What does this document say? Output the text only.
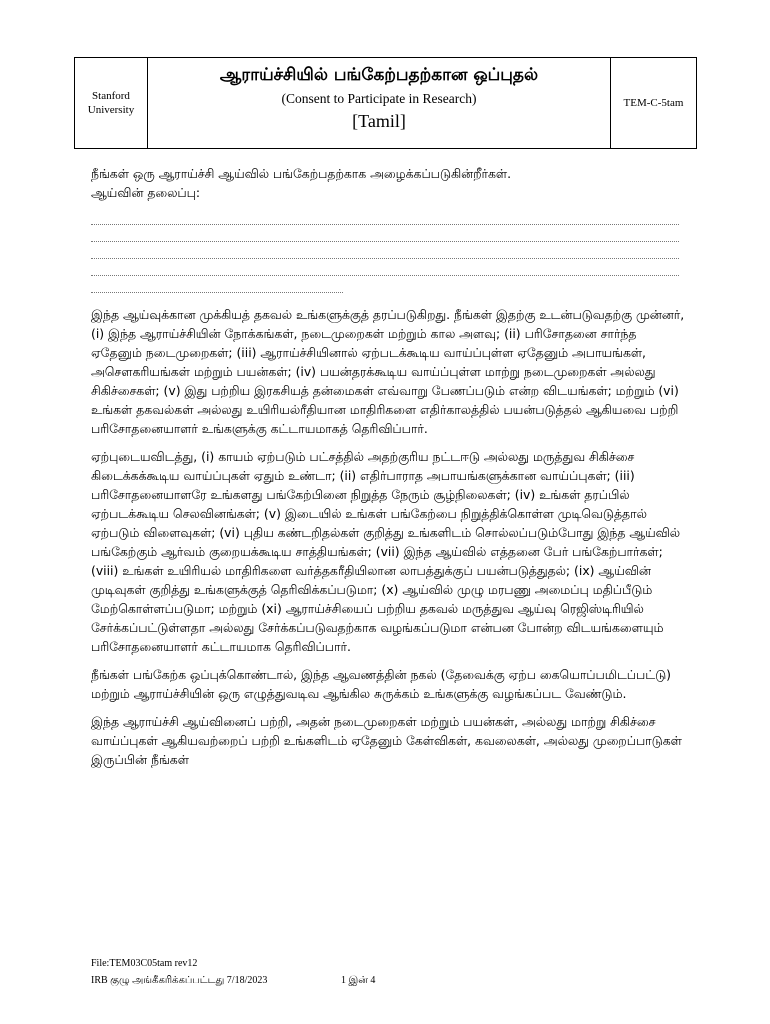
Stanford
University
ஆராய்ச்சியில் பங்கேற்பதற்கான ஒப்புதல்
(Consent to Participate in Research)
[Tamil]
TEM-C-5tam
நீங்கள் ஒரு ஆராய்ச்சி ஆய்வில் பங்கேற்பதற்காக அழைக்கப்படுகின்றீர்கள்.
ஆய்வின் தலைப்பு:

இந்த ஆய்வுக்கான முக்கியத் தகவல் உங்களுக்குத் தரப்படுகிறது. நீங்கள் இதற்கு உடன்படுவதற்கு முன்னர், (i) இந்த ஆராய்ச்சியின் நோக்கங்கள், நடைமுறைகள் மற்றும் கால அளவு; (ii) பரிசோதனை சார்ந்த ஏதேனும் நடைமுறைகள்; (iii) ஆராய்ச்சியினால் ஏற்படக்கூடிய வாய்ப்புள்ள ஏதேனும் அபாயங்கள், அசௌகரியங்கள் மற்றும் பயன்கள்; (iv) பயன்தரக்கூடிய வாய்ப்புள்ள மாற்று நடைமுறைகள் அல்லது சிகிச்சைகள்; (v) இது பற்றிய இரகசியத் தன்மைகள் எவ்வாறு பேணப்படும் என்ற விடயங்கள்; மற்றும் (vi) உங்கள் தகவல்கள் அல்லது உயிரியல்ரீதியான மாதிரிகளை எதிர்காலத்தில் பயன்படுத்தல் ஆகியவை பற்றி பரிசோதனையாளர் உங்களுக்கு கட்டாயமாகத் தெரிவிப்பார்.

ஏற்புடையவிடத்து, (i) காயம் ஏற்படும் பட்சத்தில் அதற்குரிய நட்டஈடு அல்லது மருத்துவ சிகிச்சை கிடைக்கக்கூடிய வாய்ப்புகள் ஏதும் உண்டா; (ii) எதிர்பாராத அபாயங்களுக்கான வாய்ப்புகள்; (iii) பரிசோதனையாளரே உங்களது பங்கேற்பினை நிறுத்த நேரும் சூழ்நிலைகள்; (iv) உங்கள் தரப்பில் ஏற்படக்கூடிய செலவினங்கள்; (v) இடையில் உங்கள் பங்கேற்பை நிறுத்திக்கொள்ள முடிவெடுத்தால் ஏற்படும் விளைவுகள்; (vi) புதிய கண்டறிதல்கள் குறித்து உங்களிடம் சொல்லப்படும்போது இந்த ஆய்வில் பங்கேற்கும் ஆர்வம் குறையக்கூடிய சாத்தியங்கள்; (vii) இந்த ஆய்வில் எத்தனை பேர் பங்கேற்பார்கள்; (viii) உங்கள் உயிரியல் மாதிரிகளை வர்த்தகரீதியிலான லாபத்துக்குப் பயன்படுத்துதல்; (ix) ஆய்வின் முடிவுகள் குறித்து உங்களுக்குத் தெரிவிக்கப்படுமா; (x) ஆய்வில் முழு மரபணு அமைப்பு மதிப்பீடும் மேற்கொள்ளப்படுமா; மற்றும் (xi) ஆராய்ச்சியைப் பற்றிய தகவல் மருத்துவ ஆய்வு ரெஜிஸ்டிரியில் சேர்க்கப்பட்டுள்ளதா அல்லது சேர்க்கப்படுவதற்காக வழங்கப்படுமா என்பன போன்ற விடயங்களையும் பரிசோதனையாளர் கட்டாயமாக தெரிவிப்பார்.

நீங்கள் பங்கேற்க ஒப்புக்கொண்டால், இந்த ஆவணத்தின் நகல் (தேவைக்கு ஏற்ப கையொப்பமிடப்பட்டு) மற்றும் ஆராய்ச்சியின் ஒரு எழுத்துவடிவ ஆங்கில சுருக்கம் உங்களுக்கு வழங்கப்பட வேண்டும்.

இந்த ஆராய்ச்சி ஆய்வினைப் பற்றி, அதன் நடைமுறைகள் மற்றும் பயன்கள், அல்லது மாற்று சிகிச்சை வாய்ப்புகள் ஆகியவற்றைப் பற்றி உங்களிடம் ஏதேனும் கேள்விகள், கவலைகள், அல்லது முறைப்பாடுகள் இருப்பின் நீங்கள்

File:TEM03C05tam rev12
IRB குழு அங்கீகரிக்கப்பட்டது 7/18/2023	1 இன் 4
